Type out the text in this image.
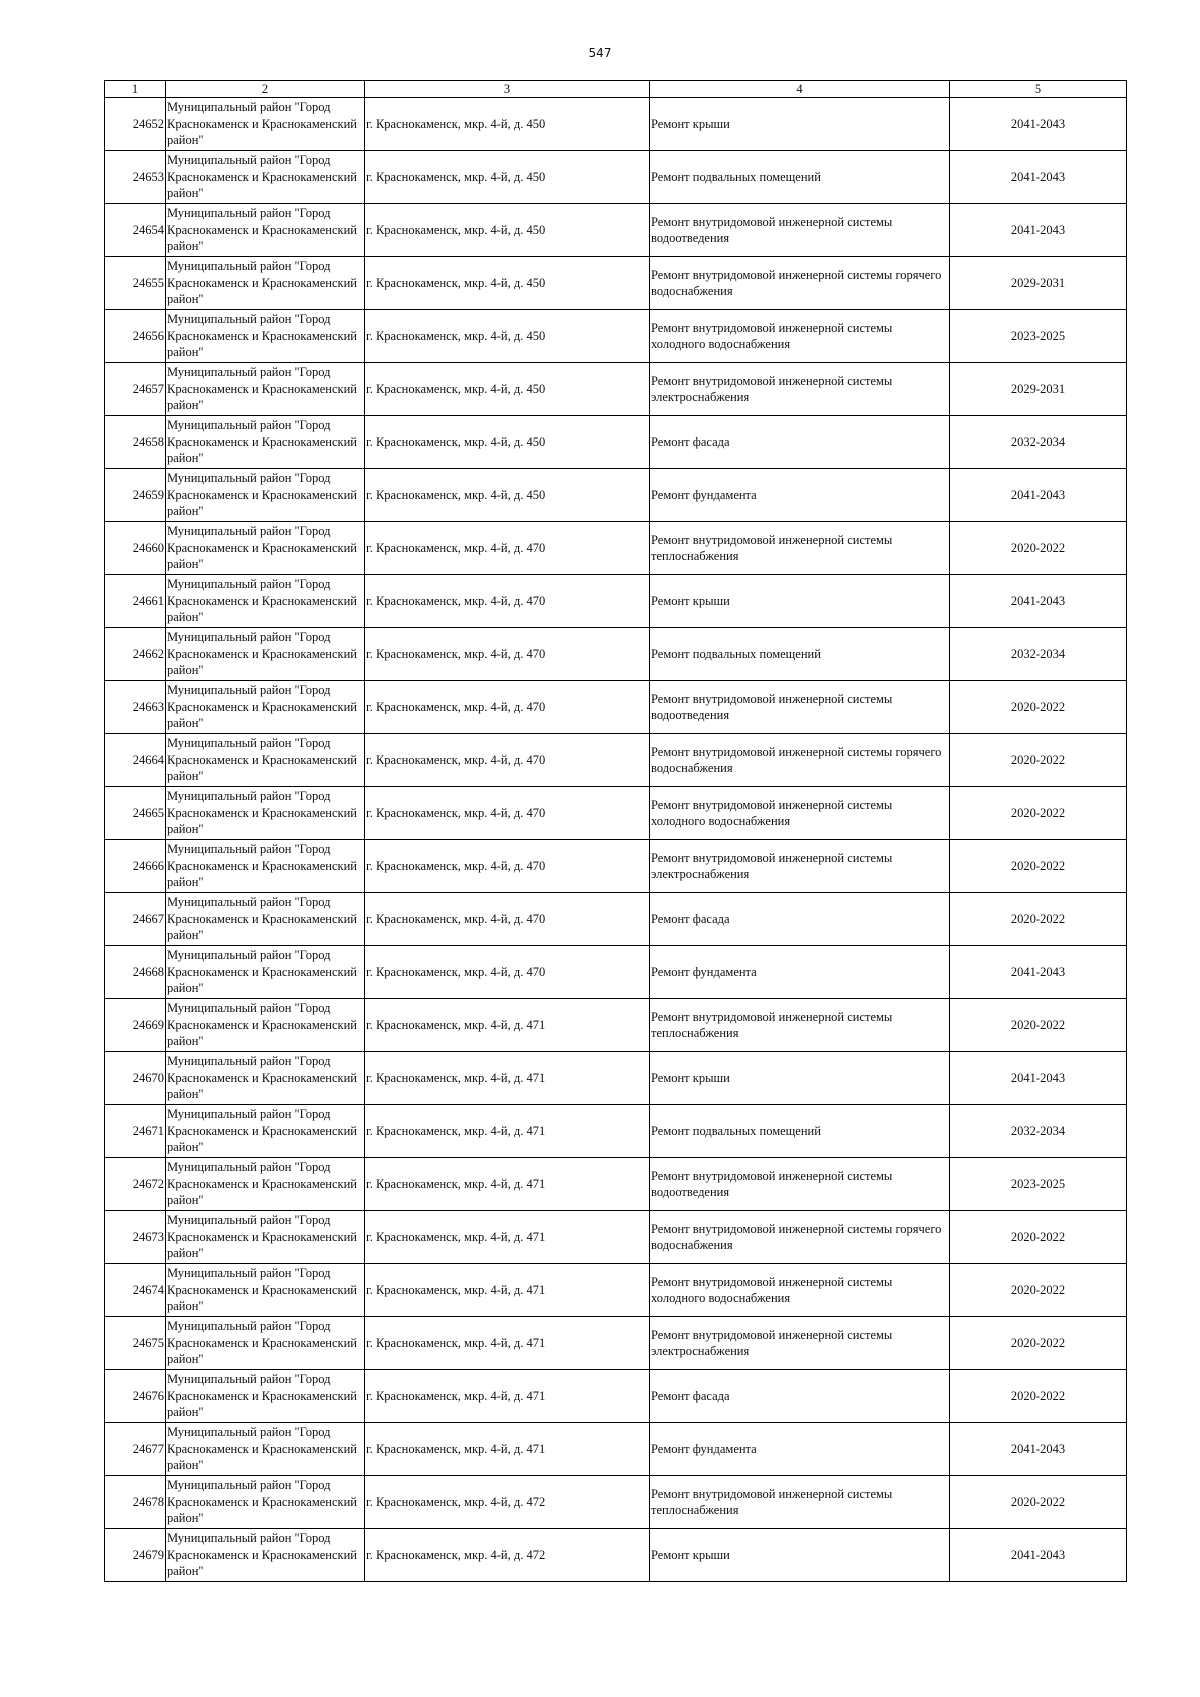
547
1	2	3	4	5
24652	Муниципальный район "Город Краснокаменск и Краснокаменский район"	г. Краснокаменск, мкр. 4-й, д. 450	Ремонт крыши	2041-2043
24653	Муниципальный район "Город Краснокаменск и Краснокаменский район"	г. Краснокаменск, мкр. 4-й, д. 450	Ремонт подвальных помещений	2041-2043
24654	Муниципальный район "Город Краснокаменск и Краснокаменский район"	г. Краснокаменск, мкр. 4-й, д. 450	Ремонт внутридомовой инженерной системы водоотведения	2041-2043
24655	Муниципальный район "Город Краснокаменск и Краснокаменский район"	г. Краснокаменск, мкр. 4-й, д. 450	Ремонт внутридомовой инженерной системы горячего водоснабжения	2029-2031
24656	Муниципальный район "Город Краснокаменск и Краснокаменский район"	г. Краснокаменск, мкр. 4-й, д. 450	Ремонт внутридомовой инженерной системы холодного водоснабжения	2023-2025
24657	Муниципальный район "Город Краснокаменск и Краснокаменский район"	г. Краснокаменск, мкр. 4-й, д. 450	Ремонт внутридомовой инженерной системы электроснабжения	2029-2031
24658	Муниципальный район "Город Краснокаменск и Краснокаменский район"	г. Краснокаменск, мкр. 4-й, д. 450	Ремонт фасада	2032-2034
24659	Муниципальный район "Город Краснокаменск и Краснокаменский район"	г. Краснокаменск, мкр. 4-й, д. 450	Ремонт фундамента	2041-2043
24660	Муниципальный район "Город Краснокаменск и Краснокаменский район"	г. Краснокаменск, мкр. 4-й, д. 470	Ремонт внутридомовой инженерной системы теплоснабжения	2020-2022
24661	Муниципальный район "Город Краснокаменск и Краснокаменский район"	г. Краснокаменск, мкр. 4-й, д. 470	Ремонт крыши	2041-2043
24662	Муниципальный район "Город Краснокаменск и Краснокаменский район"	г. Краснокаменск, мкр. 4-й, д. 470	Ремонт подвальных помещений	2032-2034
24663	Муниципальный район "Город Краснокаменск и Краснокаменский район"	г. Краснокаменск, мкр. 4-й, д. 470	Ремонт внутридомовой инженерной системы водоотведения	2020-2022
24664	Муниципальный район "Город Краснокаменск и Краснокаменский район"	г. Краснокаменск, мкр. 4-й, д. 470	Ремонт внутридомовой инженерной системы горячего водоснабжения	2020-2022
24665	Муниципальный район "Город Краснокаменск и Краснокаменский район"	г. Краснокаменск, мкр. 4-й, д. 470	Ремонт внутридомовой инженерной системы холодного водоснабжения	2020-2022
24666	Муниципальный район "Город Краснокаменск и Краснокаменский район"	г. Краснокаменск, мкр. 4-й, д. 470	Ремонт внутридомовой инженерной системы электроснабжения	2020-2022
24667	Муниципальный район "Город Краснокаменск и Краснокаменский район"	г. Краснокаменск, мкр. 4-й, д. 470	Ремонт фасада	2020-2022
24668	Муниципальный район "Город Краснокаменск и Краснокаменский район"	г. Краснокаменск, мкр. 4-й, д. 470	Ремонт фундамента	2041-2043
24669	Муниципальный район "Город Краснокаменск и Краснокаменский район"	г. Краснокаменск, мкр. 4-й, д. 471	Ремонт внутридомовой инженерной системы теплоснабжения	2020-2022
24670	Муниципальный район "Город Краснокаменск и Краснокаменский район"	г. Краснокаменск, мкр. 4-й, д. 471	Ремонт крыши	2041-2043
24671	Муниципальный район "Город Краснокаменск и Краснокаменский район"	г. Краснокаменск, мкр. 4-й, д. 471	Ремонт подвальных помещений	2032-2034
24672	Муниципальный район "Город Краснокаменск и Краснокаменский район"	г. Краснокаменск, мкр. 4-й, д. 471	Ремонт внутридомовой инженерной системы водоотведения	2023-2025
24673	Муниципальный район "Город Краснокаменск и Краснокаменский район"	г. Краснокаменск, мкр. 4-й, д. 471	Ремонт внутридомовой инженерной системы горячего водоснабжения	2020-2022
24674	Муниципальный район "Город Краснокаменск и Краснокаменский район"	г. Краснокаменск, мкр. 4-й, д. 471	Ремонт внутридомовой инженерной системы холодного водоснабжения	2020-2022
24675	Муниципальный район "Город Краснокаменск и Краснокаменский район"	г. Краснокаменск, мкр. 4-й, д. 471	Ремонт внутридомовой инженерной системы электроснабжения	2020-2022
24676	Муниципальный район "Город Краснокаменск и Краснокаменский район"	г. Краснокаменск, мкр. 4-й, д. 471	Ремонт фасада	2020-2022
24677	Муниципальный район "Город Краснокаменск и Краснокаменский район"	г. Краснокаменск, мкр. 4-й, д. 471	Ремонт фундамента	2041-2043
24678	Муниципальный район "Город Краснокаменск и Краснокаменский район"	г. Краснокаменск, мкр. 4-й, д. 472	Ремонт внутридомовой инженерной системы теплоснабжения	2020-2022
24679	Муниципальный район "Город Краснокаменск и Краснокаменский район"	г. Краснокаменск, мкр. 4-й, д. 472	Ремонт крыши	2041-2043
